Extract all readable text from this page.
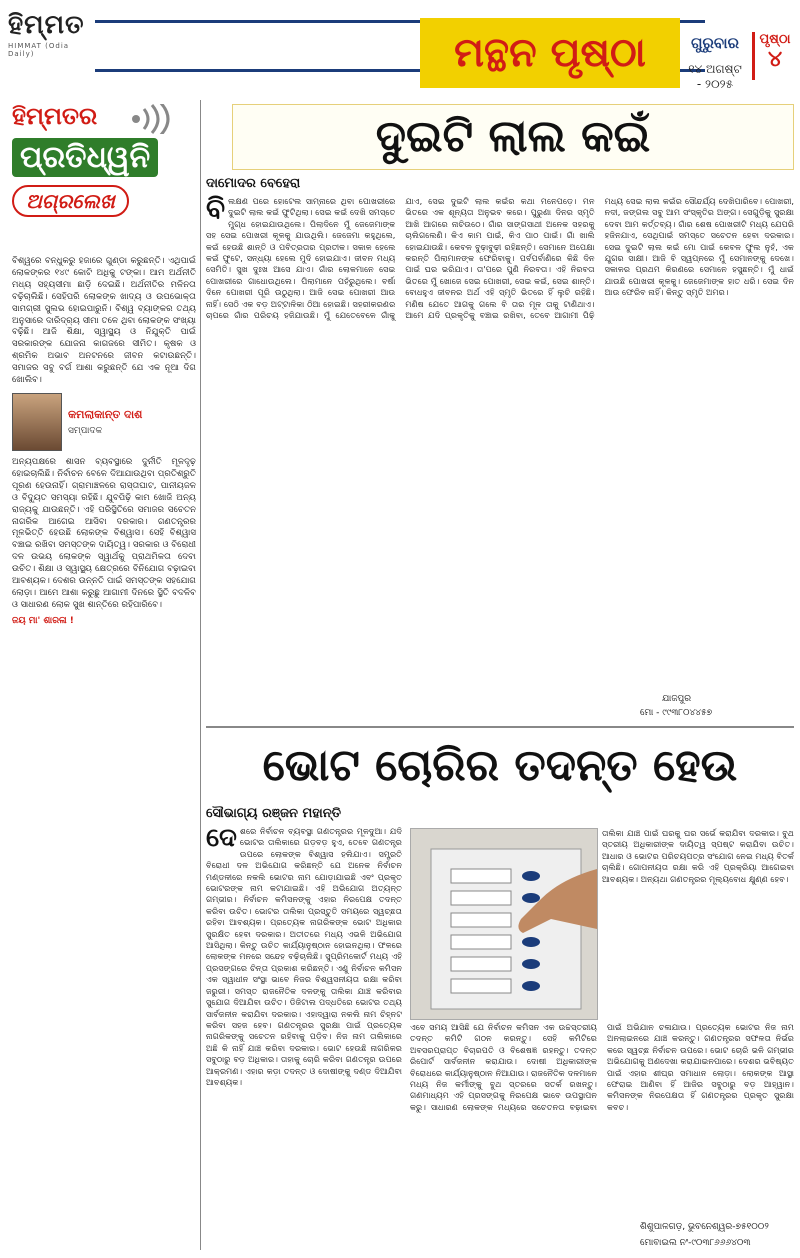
ହିମ୍ମତ
HIMMAT (Odia Daily)	ମନ୍ଥନ ପୃଷ୍ଠା	ଗୁରୁବାର
୧୪ ଅଗଷ୍ଟ - ୨୦୨୫
ପୃଷ୍ଠା
୪
ହିମ୍ମତର
ପ୍ରତିଧ୍ୱନି
ଅଗ୍ରଲେଖ
ବିଶ୍ୱରେ ବନ୍ଧୁକରୁ ହଜାରେ ଗୁଣ୍ଡା କରୁଛନ୍ତି। ଏଥିପାଇଁ ଲୋକଙ୍କର ୧୪୯ କୋଟି ଅଧିକୁ ଟଙ୍କା। ଆମ ଅର୍ଥନୀତି ମଧ୍ୟ ସହ୍ୟସୀମା ଛାଡ଼ି ଦେଇଛି। ଅର୍ଥନୀତିର ମଳିନତା ବଢ଼ିଚାଲିଛି। ସେହିପରି ଲୋକଙ୍କ ଖାଦ୍ୟ ଓ ଉପଭୋକ୍ତା ସାମଗ୍ରୀ ସୁଲଭ ହୋଇପାରୁନି। ବିଶ୍ୱ ବ୍ୟାଙ୍କର ତଥ୍ୟ ଅନୁସାରେ ଦାରିଦ୍ର୍ୟ ସୀମା ତଳେ ଥିବା ଲୋକଙ୍କ ସଂଖ୍ୟା ବଢ଼ିଛି। ଆଜି ଶିକ୍ଷା, ସ୍ୱାସ୍ଥ୍ୟ ଓ ନିଯୁକ୍ତି ପାଇଁ ସରକାରଙ୍କ ଯୋଜନା କାଗଜରେ ସୀମିତ। କୃଷକ ଓ ଶ୍ରମିକ ଅଭାବ ଅନଟନରେ ଜୀବନ କଟାଉଛନ୍ତି। ସମାଜର ସବୁ ବର୍ଗ ଆଶା କରୁଛନ୍ତି ଯେ ଏକ ନୂଆ ଦିଗ ଖୋଲିବ।
କମଲାକାନ୍ତ ଦାଶ
ସମ୍ପାଦକ
ଅନ୍ୟପକ୍ଷରେ ଶାସନ ବ୍ୟବସ୍ଥାରେ ଦୁର୍ନୀତି ମୂଳଦୃଢ଼ ହୋଇଚାଲିଛି। ନିର୍ବାଚନ ବେଳେ ଦିଆଯାଉଥିବା ପ୍ରତିଶ୍ରୁତି ପୂରଣ ହେଉନାହିଁ। ଗ୍ରାମାଞ୍ଚଳରେ ରାସ୍ତାଘାଟ, ପାନୀୟଜଳ ଓ ବିଦ୍ୟୁତ ସମସ୍ୟା ରହିଛି। ଯୁବପିଢ଼ି କାମ ଖୋଜି ଅନ୍ୟ ରାଜ୍ୟକୁ ଯାଉଛନ୍ତି। ଏହି ପରିସ୍ଥିତିରେ ସମାଜର ସଚେତନ ନାଗରିକ ଆଗେଇ ଆସିବା ଦରକାର। ଗଣତନ୍ତ୍ରର ମୂଳଭିତ୍ତି ହେଉଛି ଲୋକଙ୍କ ବିଶ୍ୱାସ। ସେହି ବିଶ୍ୱାସ ବଞ୍ଚାଇ ରଖିବା ସମସ୍ତଙ୍କ ଦାୟିତ୍ୱ। ସରକାର ଓ ବିରୋଧୀ ଦଳ ଉଭୟ ଲୋକଙ୍କ ସ୍ୱାର୍ଥକୁ ପ୍ରାଥମିକତା ଦେବା ଉଚିତ। ଶିକ୍ଷା ଓ ସ୍ୱାସ୍ଥ୍ୟ କ୍ଷେତ୍ରରେ ବିନିଯୋଗ ବଢ଼ାଇବା ଆବଶ୍ୟକ। ଦେଶର ଉନ୍ନତି ପାଇଁ ସମସ୍ତଙ୍କ ସହଯୋଗ ଲୋଡ଼ା। ଆମେ ଆଶା କରୁଛୁ ଆଗାମୀ ଦିନରେ ସ୍ଥିତି ବଦଳିବ ଓ ସାଧାରଣ ଲୋକ ସୁଖ ଶାନ୍ତିରେ ରହିପାରିବେ।
ଜୟ ମା' ଶାରଳା !
ଦୁଇଟି ଲାଲ କଇଁ
ଦାମୋଦର ବେହେରା
ବିଲକ୍ଷଣ ପରେ ହୋଟେଲ ସାମ୍ନାରେ ଥିବା ପୋଖରୀରେ ଦୁଇଟି ଲାଲ କଇଁ ଫୁଟିଥିଲା। ସେଇ କଇଁ ଦେଖି ସମସ୍ତେ ମୁଗ୍ଧ ହୋଇଯାଉଥିଲେ। ପିଲାଦିନେ ମୁଁ ଜେଜେମାଙ୍କ ସହ ସେଇ ପୋଖରୀ କୂଳକୁ ଯାଉଥିଲି। ଜେଜେମା କହୁଥିଲେ, କଇଁ ହେଉଛି ଶାନ୍ତି ଓ ପବିତ୍ରତାର ପ୍ରତୀକ। ସକାଳ ହେଲେ କଇଁ ଫୁଟେ, ସନ୍ଧ୍ୟା ହେଲେ ମୁଦି ହୋଇଯାଏ। ଜୀବନ ମଧ୍ୟ ସେମିତି। ସୁଖ ଦୁଃଖ ଆସେ ଯାଏ। ଗାଁର ଲୋକମାନେ ସେଇ ପୋଖରୀରେ ଗାଧୋଉଥିଲେ। ପିଲାମାନେ ପହଁରୁଥିଲେ। ବର୍ଷା ଦିନେ ପୋଖରୀ ପୂରି ଉଠୁଥିଲା। ଆଜି ସେଇ ପୋଖରୀ ଆଉ ନାହିଁ। ସେଠି ଏକ ବଡ଼ ଅଟ୍ଟାଳିକା ଠିଆ ହୋଇଛି। ସହରୀକରଣର ଚାପରେ ଗାଁର ପରିଚୟ ହଜିଯାଉଛି। ମୁଁ ଯେତେବେଳେ ଗାଁକୁ ଯାଏ, ସେଇ ଦୁଇଟି ଲାଲ କଇଁର କଥା ମନେପଡ଼େ। ମନ ଭିତରେ ଏକ ଶୂନ୍ୟତା ଅନୁଭବ କରେ। ପୁରୁଣା ଦିନର ସ୍ମୃତି ଆଖି ଆଗରେ ନାଚିଉଠେ। ଗାଁର ସାଙ୍ଗସାଥୀ ଅନେକ ସହରକୁ ଚାଲିଗଲେଣି। କିଏ କାମ ପାଇଁ, କିଏ ପାଠ ପାଇଁ। ଗାଁ ଖାଲି ହୋଇଯାଉଛି। କେବଳ ବୁଢ଼ାବୁଢ଼ୀ ରହିଛନ୍ତି। ସେମାନେ ଅପେକ୍ଷା କରନ୍ତି ପିଲାମାନଙ୍କ ଫେରିବାକୁ। ପର୍ବପର୍ବାଣିରେ କିଛି ଦିନ ପାଇଁ ଘର ଭରିଯାଏ। ତା'ପରେ ପୁଣି ନିରବତା। ଏହି ନିରବତା ଭିତରେ ମୁଁ ଖୋଜେ ସେଇ ପୋଖରୀ, ସେଇ କଇଁ, ସେଇ ଶାନ୍ତି। ବୋଧହୁଏ ଜୀବନର ଅର୍ଥ ଏହି ସ୍ମୃତି ଭିତରେ ହିଁ ଲୁଚି ରହିଛି। ମଣିଷ ଯେତେ ଆଗକୁ ଗଲେ ବି ତାର ମୂଳ ତାକୁ ଟାଣିଥାଏ। ଆମେ ଯଦି ପ୍ରକୃତିକୁ ବଞ୍ଚାଇ ରଖିବା, ତେବେ ଆଗାମୀ ପିଢ଼ି ମଧ୍ୟ ସେଇ ଲାଲ କଇଁର ସୌନ୍ଦର୍ଯ୍ୟ ଦେଖିପାରିବେ। ପୋଖରୀ, ନଦୀ, ଜଙ୍ଗଲ ସବୁ ଆମ ସଂସ୍କୃତିର ଅଙ୍ଗ। ସେଗୁଡ଼ିକୁ ସୁରକ୍ଷା ଦେବା ଆମ କର୍ତ୍ତବ୍ୟ। ଗାଁର ଶେଷ ପୋଖରୀଟି ମଧ୍ୟ ଯେପରି ହଜିନଯାଏ, ସେଥିପାଇଁ ସମସ୍ତେ ସଚେତନ ହେବା ଦରକାର। ସେଇ ଦୁଇଟି ଲାଲ କଇଁ ମୋ ପାଇଁ କେବଳ ଫୁଲ ନୁହଁ, ଏକ ଯୁଗର ସାକ୍ଷୀ। ଆଜି ବି ସ୍ୱପ୍ନରେ ମୁଁ ସେମାନଙ୍କୁ ଦେଖେ। ସକାଳର ପ୍ରଥମ କିରଣରେ ସେମାନେ ହସୁଛନ୍ତି। ମୁଁ ଧାଇଁ ଯାଉଛି ପୋଖରୀ କୂଳକୁ। ଜେଜେମାଙ୍କ ହାତ ଧରି। ସେଇ ଦିନ ଆଉ ଫେରିବ ନାହିଁ। କିନ୍ତୁ ସ୍ମୃତି ଅମର।
ଯାଜପୁର
ମୋ - ୯୯୩୮୦୪୪୫୭
ଭୋଟ ଚୋରିର ତଦନ୍ତ ହେଉ
ସୌଭାଗ୍ୟ ରଞ୍ଜନ ମହାନ୍ତି
ଦେଶରେ ନିର୍ବାଚନ ବ୍ୟବସ୍ଥା ଗଣତନ୍ତ୍ରର ମୂଳଦୁଆ। ଯଦି ଭୋଟର ତାଲିକାରେ ଗଡ଼ବଡ଼ ହୁଏ, ତେବେ ଗଣତନ୍ତ୍ର ଉପରେ ଲୋକଙ୍କ ବିଶ୍ୱାସ ହଲିଯାଏ। ସମ୍ପ୍ରତି ବିରୋଧୀ ଦଳ ଅଭିଯୋଗ କରିଛନ୍ତି ଯେ ଅନେକ ନିର୍ବାଚନ ମଣ୍ଡଳୀରେ ନକଲି ଭୋଟର ନାମ ଯୋଡ଼ାଯାଇଛି ଏବଂ ପ୍ରକୃତ ଭୋଟରଙ୍କ ନାମ କଟାଯାଇଛି। ଏହି ଅଭିଯୋଗ ଅତ୍ୟନ୍ତ ଗମ୍ଭୀର। ନିର୍ବାଚନ କମିସନଙ୍କୁ ଏହାର ନିରପେକ୍ଷ ତଦନ୍ତ କରିବା ଉଚିତ। ଭୋଟର ତାଲିକା ପ୍ରସ୍ତୁତି ସମୟରେ ସ୍ୱଚ୍ଛତା ରହିବା ଆବଶ୍ୟକ। ପ୍ରତ୍ୟେକ ନାଗରିକଙ୍କ ଭୋଟ ଅଧିକାର ସୁରକ୍ଷିତ ହେବା ଦରକାର। ଅତୀତରେ ମଧ୍ୟ ଏଭଳି ଅଭିଯୋଗ ଆସିଥିଲା। କିନ୍ତୁ ଉଚିତ କାର୍ଯ୍ୟାନୁଷ୍ଠାନ ହୋଇନଥିଲା। ଫଳରେ ଲୋକଙ୍କ ମନରେ ସନ୍ଦେହ ବଢ଼ିଚାଲିଛି। ସୁପ୍ରିମକୋର୍ଟ ମଧ୍ୟ ଏହି ପ୍ରସଙ୍ଗରେ ଚିନ୍ତା ପ୍ରକାଶ କରିଛନ୍ତି। ଏଣୁ ନିର୍ବାଚନ କମିସନ ଏକ ସ୍ୱାଧୀନ ସଂସ୍ଥା ଭାବେ ନିଜର ବିଶ୍ୱସନୀୟତା ରକ୍ଷା କରିବା ଜରୁରୀ। ସମସ୍ତ ରାଜନୈତିକ ଦଳଙ୍କୁ ତାଲିକା ଯାଞ୍ଚ କରିବାର ସୁଯୋଗ ଦିଆଯିବା ଉଚିତ। ଡିଜିଟାଲ ପଦ୍ଧତିରେ ଭୋଟର ତଥ୍ୟ ସାର୍ବଜନୀନ କରାଯିବା ଦରକାର। ଏହାଦ୍ୱାରା ନକଲି ନାମ ଚିହ୍ନଟ କରିବା ସହଜ ହେବ। ଗଣତନ୍ତ୍ରର ସୁରକ୍ଷା ପାଇଁ ପ୍ରତ୍ୟେକ ନାଗରିକଙ୍କୁ ସଚେତନ ରହିବାକୁ ପଡ଼ିବ। ନିଜ ନାମ ତାଲିକାରେ ଅଛି କି ନାହିଁ ଯାଞ୍ଚ କରିବା ଦରକାର। ଭୋଟ ହେଉଛି ନାଗରିକର ସବୁଠାରୁ ବଡ଼ ଅଧିକାର। ତାହାକୁ ଚୋରି କରିବା ଗଣତନ୍ତ୍ର ଉପରେ ଆକ୍ରମଣ। ଏହାର କଡ଼ା ତଦନ୍ତ ଓ ଦୋଷୀଙ୍କୁ ଦଣ୍ଡ ଦିଆଯିବା ଆବଶ୍ୟକ।
ତାଲିକା ଯାଞ୍ଚ ପାଇଁ ଘରକୁ ଘର ସର୍ଭେ କରାଯିବା ଦରକାର। ବୁଥ ସ୍ତରୀୟ ଅଧିକାରୀଙ୍କ ଦାୟିତ୍ୱ ସ୍ପଷ୍ଟ କରାଯିବା ଉଚିତ। ଆଧାର ଓ ଭୋଟର ପରିଚୟପତ୍ର ସଂଯୋଗ ନେଇ ମଧ୍ୟ ବିତର୍କ ଚାଲିଛି। ଗୋପନୀୟତା ରକ୍ଷା କରି ଏହି ପ୍ରକ୍ରିୟା ଆଗେଇବା ଆବଶ୍ୟକ। ଅନ୍ୟଥା ଗଣତନ୍ତ୍ରର ମୂଲ୍ୟବୋଧ କ୍ଷୁଣ୍ଣ ହେବ।
ଏବେ ସମୟ ଆସିଛି ଯେ ନିର୍ବାଚନ କମିସନ ଏକ ଉଚ୍ଚସ୍ତରୀୟ ତଦନ୍ତ କମିଟି ଗଠନ କରନ୍ତୁ। ସେହି କମିଟିରେ ଅବସରପ୍ରାପ୍ତ ବିଚାରପତି ଓ ବିଶେଷଜ୍ଞ ରହନ୍ତୁ। ତଦନ୍ତ ରିପୋର୍ଟ ସାର୍ବଜନୀନ କରାଯାଉ। ଦୋଷୀ ଅଧିକାରୀଙ୍କ ବିରୋଧରେ କାର୍ଯ୍ୟାନୁଷ୍ଠାନ ନିଆଯାଉ। ରାଜନୈତିକ ଦଳମାନେ ମଧ୍ୟ ନିଜ କର୍ମୀଙ୍କୁ ବୁଥ ସ୍ତରରେ ସତର୍କ ରଖନ୍ତୁ। ଗଣମାଧ୍ୟମ ଏହି ପ୍ରସଙ୍ଗକୁ ନିରପେକ୍ଷ ଭାବେ ଉପସ୍ଥାପନ କରୁ। ସାଧାରଣ ଲୋକଙ୍କ ମଧ୍ୟରେ ସଚେତନତା ବଢ଼ାଇବା ପାଇଁ ଅଭିଯାନ ଚଳାଯାଉ। ପ୍ରତ୍ୟେକ ଭୋଟର ନିଜ ନାମ ଅନଲାଇନରେ ଯାଞ୍ଚ କରନ୍ତୁ। ଗଣତନ୍ତ୍ରର ସଫଳତା ନିର୍ଭର କରେ ସ୍ୱଚ୍ଛ ନିର୍ବାଚନ ଉପରେ। ଭୋଟ ଚୋରି ଭଳି ଗମ୍ଭୀର ଅଭିଯୋଗକୁ ଅଣଦେଖା କରାଯାଇନପାରେ। ଦେଶର ଭବିଷ୍ୟତ ପାଇଁ ଏହାର ଶୀଘ୍ର ସମାଧାନ ଲୋଡ଼ା। ଲୋକଙ୍କ ଆସ୍ଥା ଫେରାଇ ଆଣିବା ହିଁ ଆଜିର ସବୁଠାରୁ ବଡ଼ ଆହ୍ୱାନ। କମିସନଙ୍କ ନିରପେକ୍ଷତା ହିଁ ଗଣତନ୍ତ୍ରର ପ୍ରକୃତ ସୁରକ୍ଷା କବଚ।
ଶିଶୁପାଳଗଡ଼, ଭୁବନେଶ୍ୱର-୭୫୧୦୦୨
ମୋବାଇଲ ନଂ-୯୦୩୮୬୬୬୪୦୩
